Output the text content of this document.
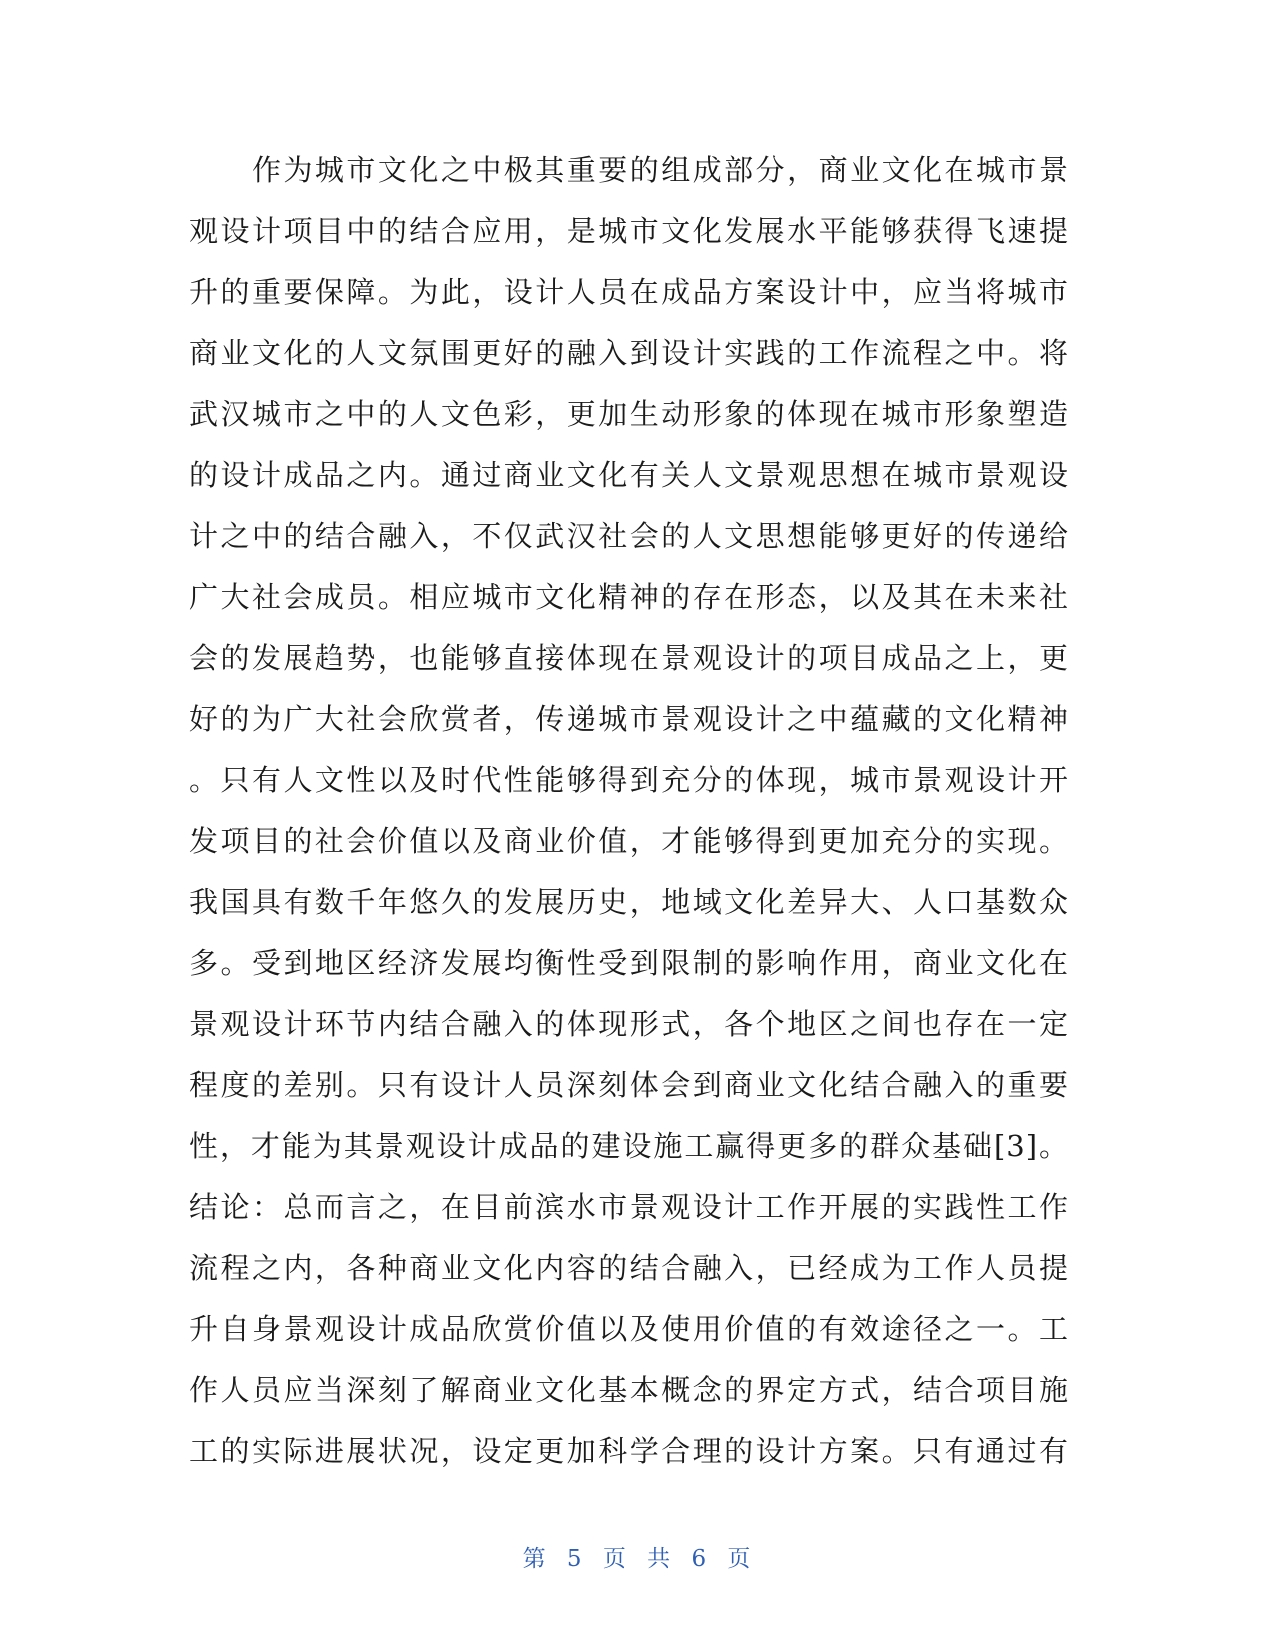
　　作为城市文化之中极其重要的组成部分，商业文化在城市景
观设计项目中的结合应用，是城市文化发展水平能够获得飞速提
升的重要保障。为此，设计人员在成品方案设计中，应当将城市
商业文化的人文氛围更好的融入到设计实践的工作流程之中。将
武汉城市之中的人文色彩，更加生动形象的体现在城市形象塑造
的设计成品之内。通过商业文化有关人文景观思想在城市景观设
计之中的结合融入，不仅武汉社会的人文思想能够更好的传递给
广大社会成员。相应城市文化精神的存在形态，以及其在未来社
会的发展趋势，也能够直接体现在景观设计的项目成品之上，更
好的为广大社会欣赏者，传递城市景观设计之中蕴藏的文化精神
。只有人文性以及时代性能够得到充分的体现，城市景观设计开
发项目的社会价值以及商业价值，才能够得到更加充分的实现。
我国具有数千年悠久的发展历史，地域文化差异大、人口基数众
多。受到地区经济发展均衡性受到限制的影响作用，商业文化在
景观设计环节内结合融入的体现形式，各个地区之间也存在一定
程度的差别。只有设计人员深刻体会到商业文化结合融入的重要
性，才能为其景观设计成品的建设施工赢得更多的群众基础[3]。
结论：总而言之，在目前滨水市景观设计工作开展的实践性工作
流程之内，各种商业文化内容的结合融入，已经成为工作人员提
升自身景观设计成品欣赏价值以及使用价值的有效途径之一。工
作人员应当深刻了解商业文化基本概念的界定方式，结合项目施
工的实际进展状况，设定更加科学合理的设计方案。只有通过有
第 5 页 共 6 页
